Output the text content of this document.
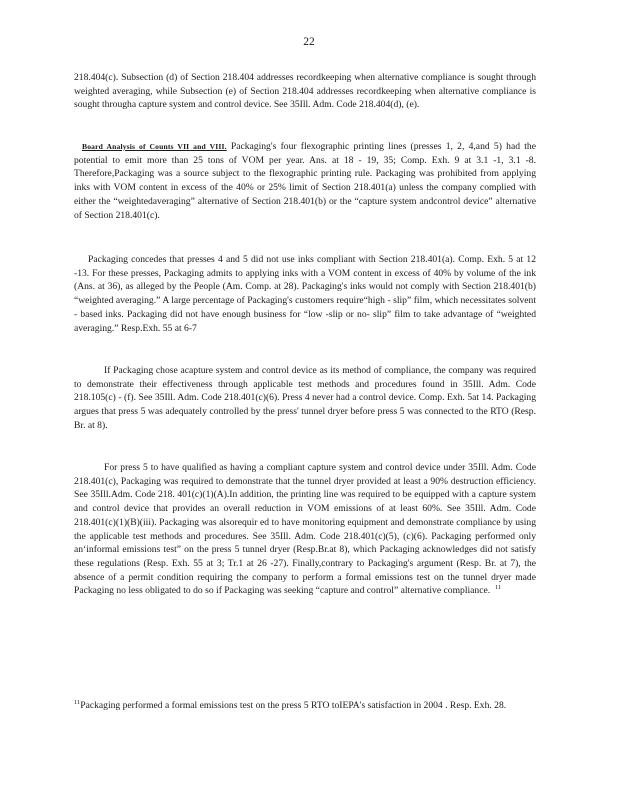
22

218.404(c). Subsection (d) of Section 218.404 addresses recordkeeping when alternative compliance is sought through weighted averaging, while Subsection (e) of Section 218.404 addresses recordkeeping when alternative compliance is sought througha capture system and control device. See 35Ill. Adm. Code 218.404(d), (e).

Board Analysis of Counts VII and VIII. Packaging's four flexographic printing lines (presses 1, 2, 4,and 5) had the potential to emit more than 25 tons of VOM per year. Ans. at 18 - 19, 35; Comp. Exh. 9 at 3.1 -1, 3.1 -8. Therefore,Packaging was a source subject to the flexographic printing rule. Packaging was prohibited from applying inks with VOM content in excess of the 40% or 25% limit of Section 218.401(a) unless the company complied with either the “weightedaveraging” alternative of Section 218.401(b) or the “capture system andcontrol device” alternative of Section 218.401(c).

Packaging concedes that presses 4 and 5 did not use inks compliant with Section 218.401(a). Comp. Exh. 5 at 12 -13. For these presses, Packaging admits to applying inks with a VOM content in excess of 40% by volume of the ink (Ans. at 36), as alleged by the People (Am. Comp. at 28). Packaging's inks would not comply with Section 218.401(b) “weighted averaging.” A large percentage of Packaging's customers require“high - slip” film, which necessitates solvent - based inks. Packaging did not have enough business for “low -slip or no- slip” film to take advantage of “weighted averaging.” Resp.Exh. 55 at 6-7

If Packaging chose acapture system and control device as its method of compliance, the company was required to demonstrate their effectiveness through applicable test methods and procedures found in 35Ill. Adm. Code 218.105(c) - (f). See 35Ill. Adm. Code 218.401(c)(6). Press 4 never had a control device. Comp. Exh. 5at 14. Packaging argues that press 5 was adequately controlled by the press' tunnel dryer before press 5 was connected to the RTO (Resp. Br. at 8).

For press 5 to have qualified as having a compliant capture system and control device under 35Ill. Adm. Code 218.401(c), Packaging was required to demonstrate that the tunnel dryer provided at least a 90% destruction efficiency. See 35Ill.Adm. Code 218. 401(c)(1)(A).In addition, the printing line was required to be equipped with a capture system and control device that provides an overall reduction in VOM emissions of at least 60%. See 35Ill. Adm. Code 218.401(c)(1)(B)(iii). Packaging was alsorequir ed to have monitoring equipment and demonstrate compliance by using the applicable test methods and procedures. See 35Ill. Adm. Code 218.401(c)(5), (c)(6). Packaging performed only an‘informal emissions test” on the press 5 tunnel dryer (Resp.Br.at 8), which Packaging acknowledges did not satisfy these regulations (Resp. Exh. 55 at 3; Tr.1 at 26 -27). Finally,contrary to Packaging's argument (Resp. Br. at 7), the absence of a permit condition requiring the company to perform a formal emissions test on the tunnel dryer made Packaging no less obligated to do so if Packaging was seeking “capture and control” alternative compliance. $^{11}$

$^{11}$Packaging performed a formal emissions test on the press 5 RTO toIEPA's satisfaction in 2004 . Resp. Exh. 28.
